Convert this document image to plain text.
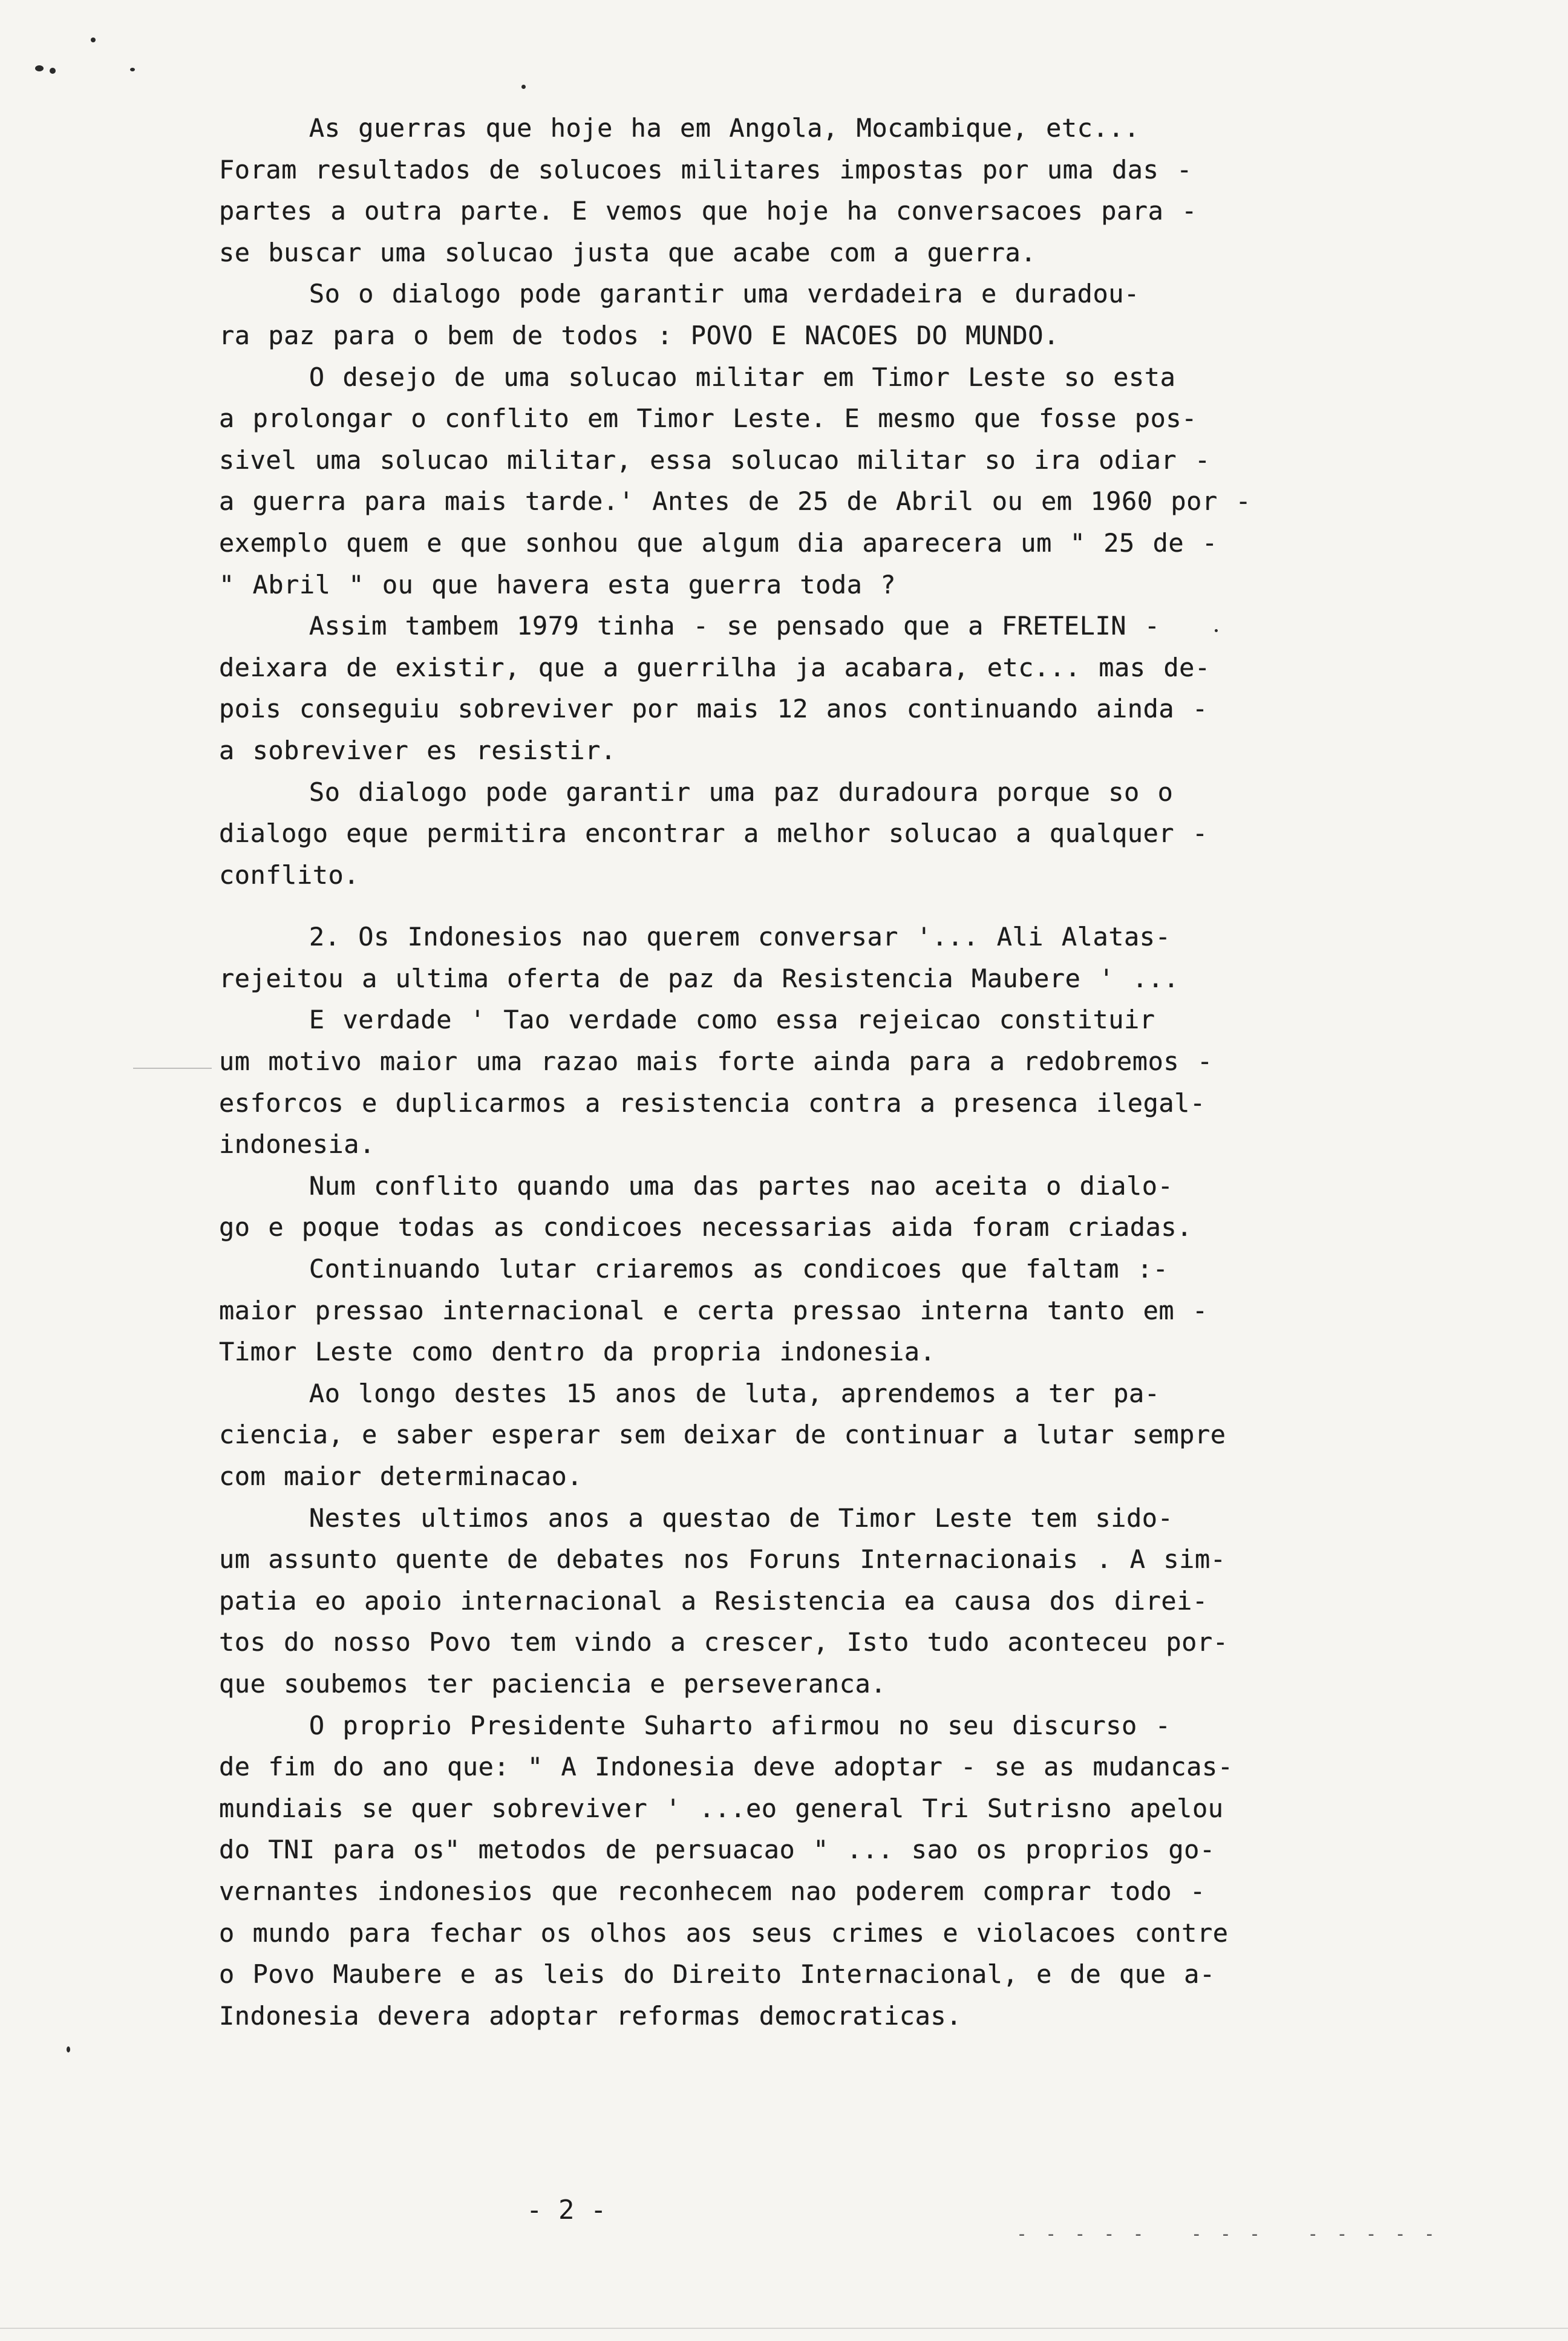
As guerras que hoje ha em Angola, Mocambique, etc...
Foram resultados de solucoes militares impostas por uma das -
partes a outra parte. E vemos que hoje ha conversacoes para -
se buscar uma solucao justa que acabe com a guerra.
So o dialogo pode garantir uma verdadeira e duradou-
ra paz para o bem de todos : POVO E NACOES DO MUNDO.
O desejo de uma solucao militar em Timor Leste so esta
a prolongar o conflito em Timor Leste. E mesmo que fosse pos-
sivel uma solucao militar, essa solucao militar so ira odiar -
a guerra para mais tarde.' Antes de 25 de Abril ou em 1960 por -
exemplo quem e que sonhou que algum dia aparecera um " 25 de -
" Abril " ou que havera esta guerra toda ?
Assim tambem 1979 tinha - se pensado que a FRETELIN -
deixara de existir, que a guerrilha ja acabara, etc... mas de-
pois conseguiu sobreviver por mais 12 anos continuando ainda -
a sobreviver es resistir.
So dialogo pode garantir uma paz duradoura porque so o
dialogo eque permitira encontrar a melhor solucao a qualquer -
conflito.
2. Os Indonesios nao querem conversar '... Ali Alatas-
rejeitou a ultima oferta de paz da Resistencia Maubere ' ...
E verdade ' Tao verdade como essa rejeicao constituir
um motivo maior uma razao mais forte ainda para a redobremos -
esforcos e duplicarmos a resistencia contra a presenca ilegal-
indonesia.
Num conflito quando uma das partes nao aceita o dialo-
go e poque todas as condicoes necessarias aida foram criadas.
Continuando lutar criaremos as condicoes que faltam :-
maior pressao internacional e certa pressao interna tanto em -
Timor Leste como dentro da propria indonesia.
Ao longo destes 15 anos de luta, aprendemos a ter pa-
ciencia, e saber esperar sem deixar de continuar a lutar sempre
com maior determinacao.
Nestes ultimos anos a questao de Timor Leste tem sido-
um assunto quente de debates nos Foruns Internacionais . A sim-
patia eo apoio internacional a Resistencia ea causa dos direi-
tos do nosso Povo tem vindo a crescer, Isto tudo aconteceu por-
que soubemos ter paciencia e perseveranca.
O proprio Presidente Suharto afirmou no seu discurso -
de fim do ano que: " A Indonesia deve adoptar - se as mudancas-
mundiais se quer sobreviver ' ...eo general Tri Sutrisno apelou
do TNI para os" metodos de persuacao " ... sao os proprios go-
vernantes indonesios que reconhecem nao poderem comprar todo -
o mundo para fechar os olhos aos seus crimes e violacoes contre
o Povo Maubere e as leis do Direito Internacional, e de que a-
Indonesia devera adoptar reformas democraticas.
- 2 -
- - - - -   - - -   - - - - -
